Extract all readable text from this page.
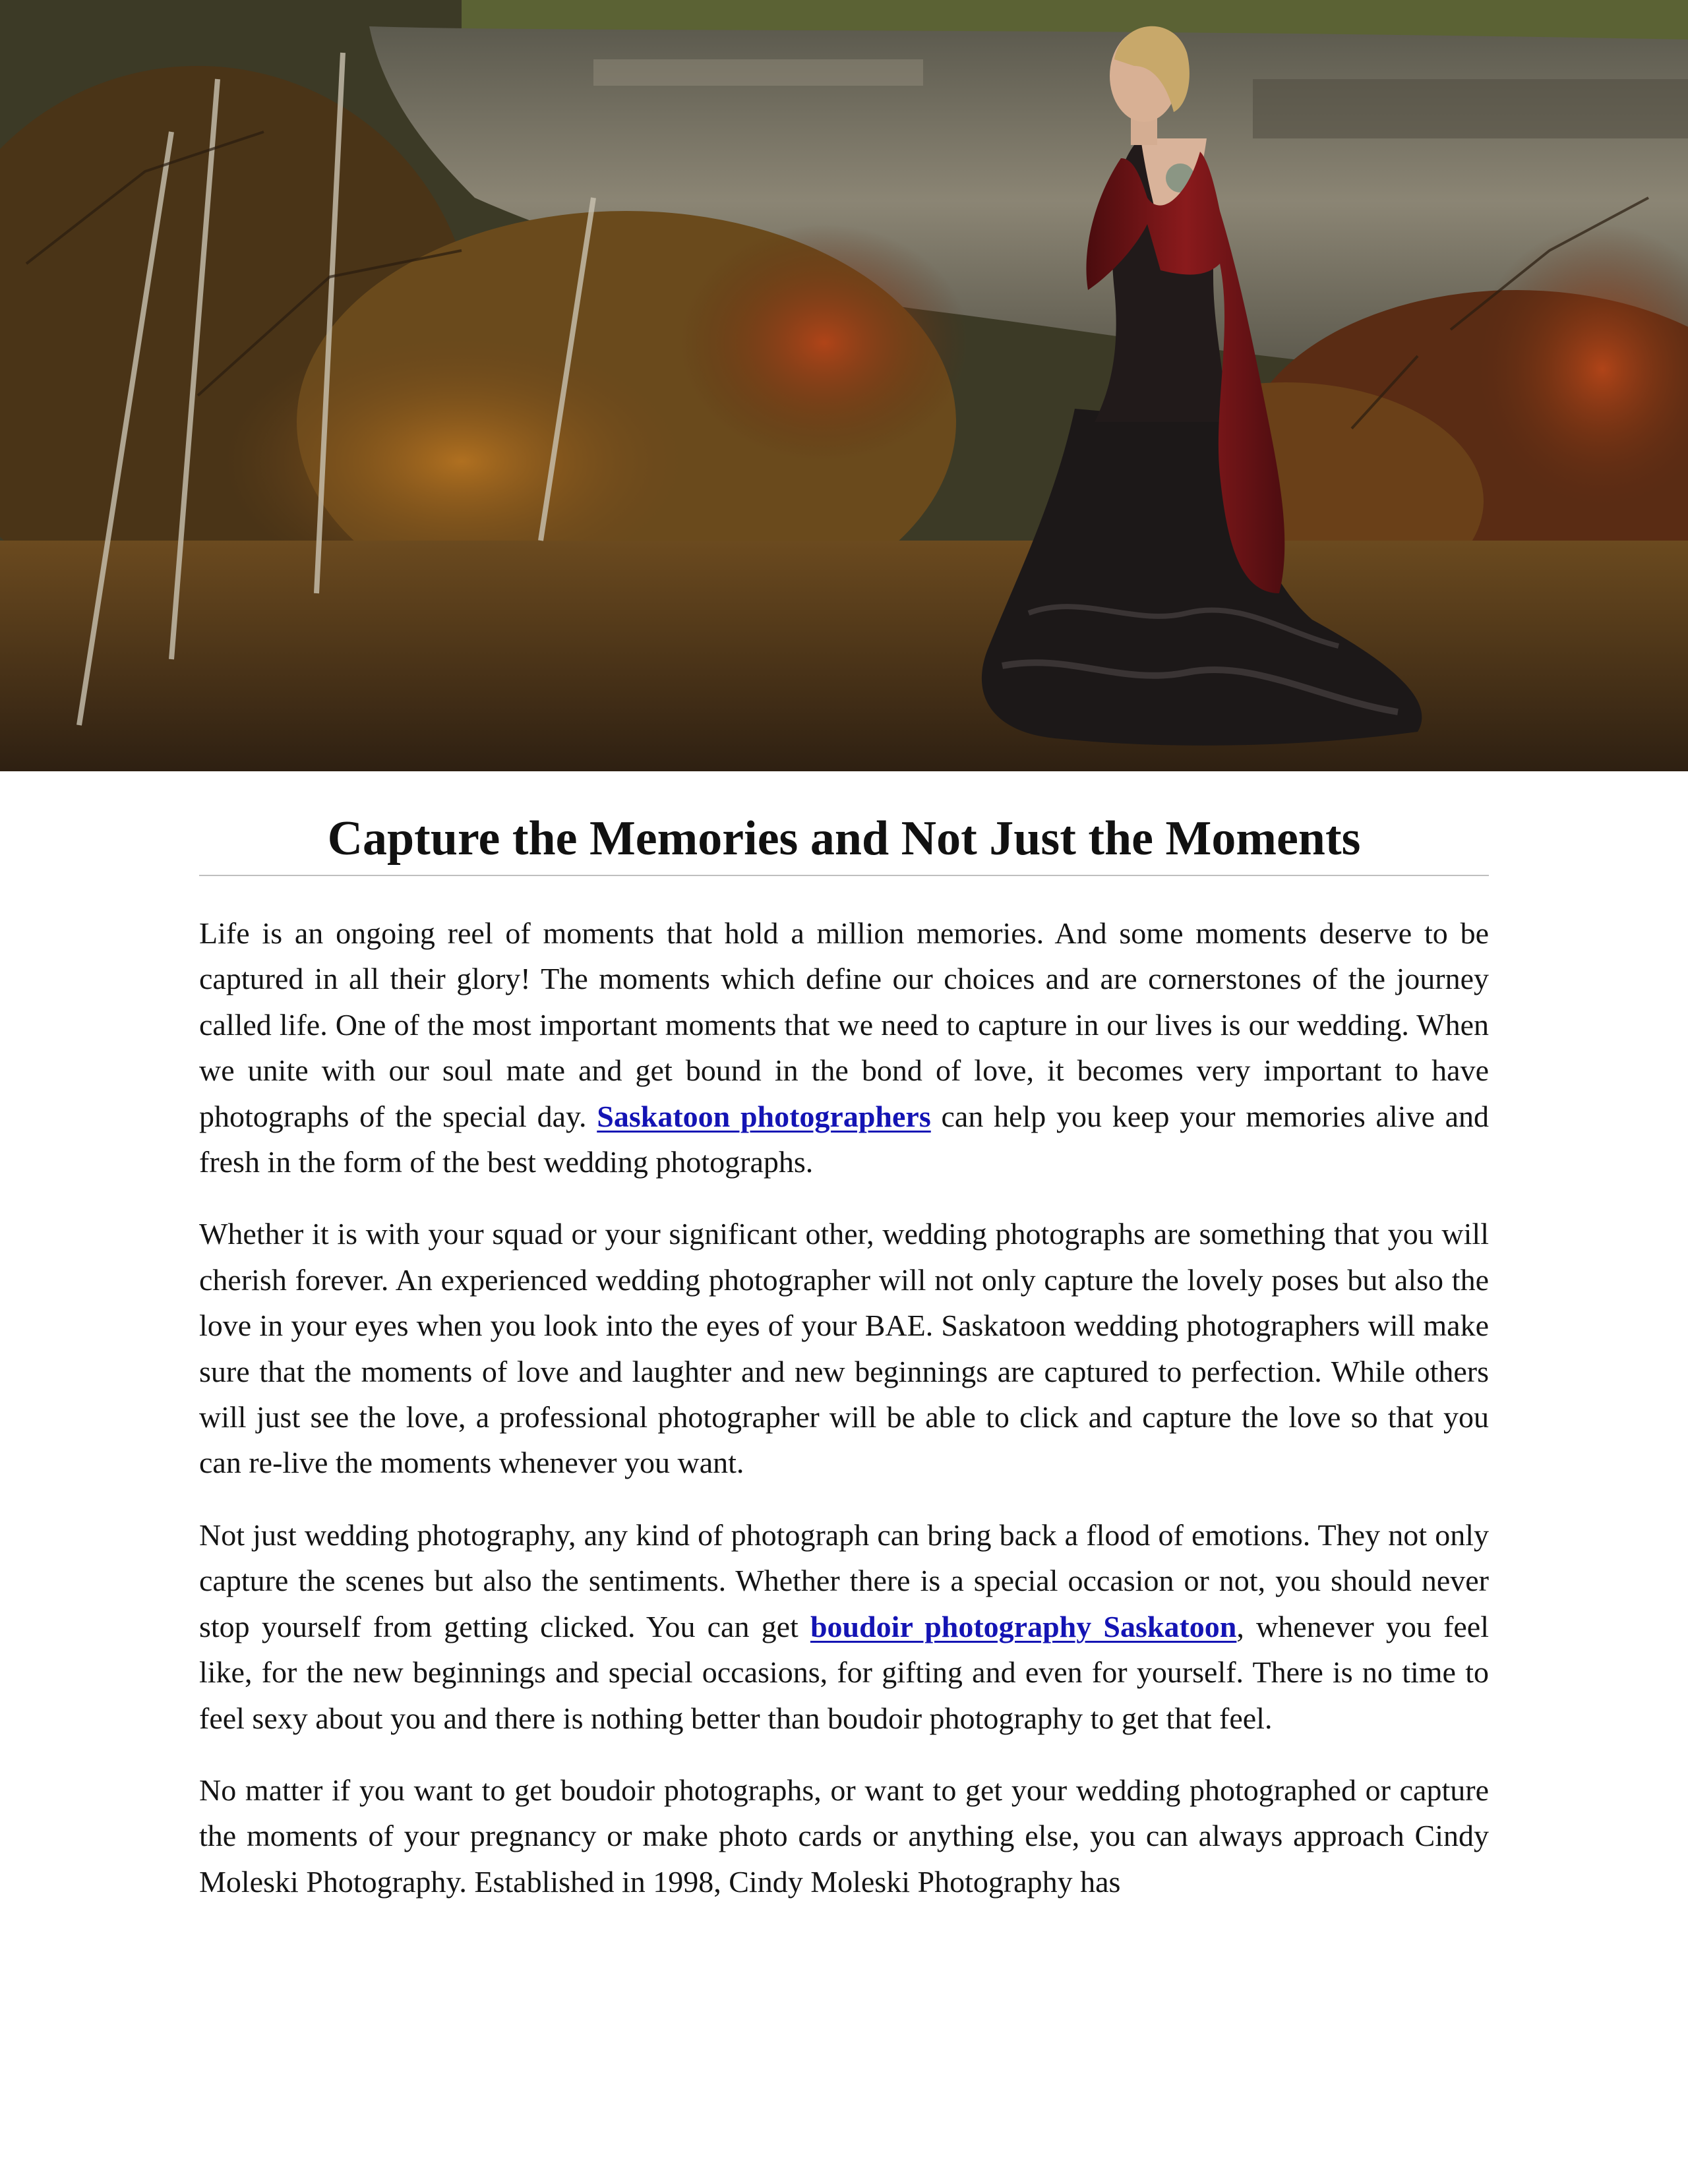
Capture the Memories and Not Just the Moments

Life is an ongoing reel of moments that hold a million memories. And some moments deserve to be captured in all their glory! The moments which define our choices and are cornerstones of the journey called life. One of the most important moments that we need to capture in our lives is our wedding. When we unite with our soul mate and get bound in the bond of love, it becomes very important to have photographs of the special day. Saskatoon photographers can help you keep your memories alive and fresh in the form of the best wedding photographs.

Whether it is with your squad or your significant other, wedding photographs are something that you will cherish forever. An experienced wedding photographer will not only capture the lovely poses but also the love in your eyes when you look into the eyes of your BAE. Saskatoon wedding photographers will make sure that the moments of love and laughter and new beginnings are captured to perfection. While others will just see the love, a professional photographer will be able to click and capture the love so that you can re-live the moments whenever you want.

Not just wedding photography, any kind of photograph can bring back a flood of emotions. They not only capture the scenes but also the sentiments. Whether there is a special occasion or not, you should never stop yourself from getting clicked. You can get boudoir photography Saskatoon, whenever you feel like, for the new beginnings and special occasions, for gifting and even for yourself. There is no time to feel sexy about you and there is nothing better than boudoir photography to get that feel.

No matter if you want to get boudoir photographs, or want to get your wedding photographed or capture the moments of your pregnancy or make photo cards or anything else, you can always approach Cindy Moleski Photography. Established in 1998, Cindy Moleski Photography has
